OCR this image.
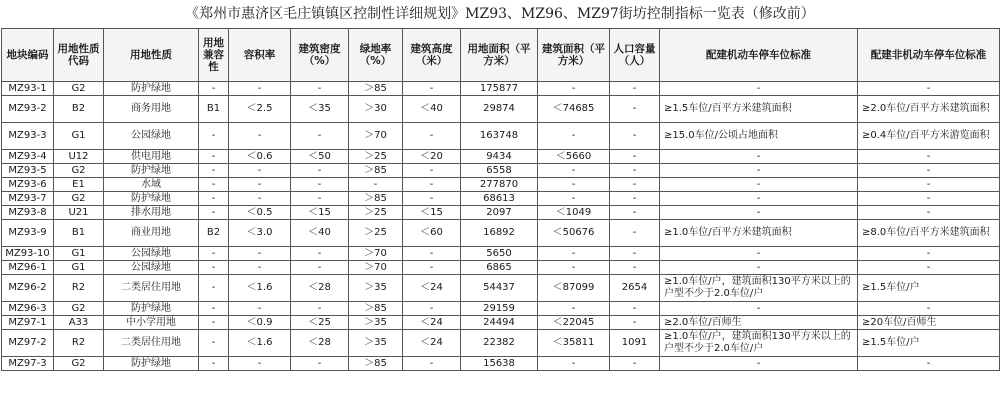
《郑州市惠济区毛庄镇镇区控制性详细规划》MZ93、MZ96、MZ97街坊控制指标一览表（修改前）
地块编码	用地性质代码	用地性质	用地兼容性	容积率	建筑密度（%）	绿地率（%）	建筑高度（米）	用地面积（平方米）	建筑面积（平方米）	人口容量（人）	配建机动车停车位标准	配建非机动车停车位标准
MZ93-1	G2	防护绿地	-	-	-	＞85	-	175877	-	-	-	-
MZ93-2	B2	商务用地	B1	＜2.5	＜35	＞30	＜40	29874	＜74685	-	≥1.5车位/百平方米建筑面积	≥2.0车位/百平方米建筑面积
MZ93-3	G1	公园绿地	-	-	-	＞70	-	163748	-	-	≥15.0车位/公顷占地面积	≥0.4车位/百平方米游览面积
MZ93-4	U12	供电用地	-	＜0.6	＜50	＞25	＜20	9434	＜5660	-	-	-
MZ93-5	G2	防护绿地	-	-	-	＞85	-	6558	-	-	-	-
MZ93-6	E1	水域	-	-	-	-	-	277870	-	-	-	-
MZ93-7	G2	防护绿地	-	-	-	＞85	-	68613	-	-	-	-
MZ93-8	U21	排水用地	-	＜0.5	＜15	＞25	＜15	2097	＜1049	-	-	-
MZ93-9	B1	商业用地	B2	＜3.0	＜40	＞25	＜60	16892	＜50676	-	≥1.0车位/百平方米建筑面积	≥8.0车位/百平方米建筑面积
MZ93-10	G1	公园绿地	-	-	-	＞70	-	5650	-	-	-	-
MZ96-1	G1	公园绿地	-	-	-	＞70	-	6865	-	-	-	-
MZ96-2	R2	二类居住用地	-	＜1.6	＜28	＞35	＜24	54437	＜87099	2654	≥1.0车位/户，建筑面积130平方米以上的户型不少于2.0车位/户	≥1.5车位/户
MZ96-3	G2	防护绿地	-	-	-	＞85	-	29159	-	-	-	-
MZ97-1	A33	中小学用地	-	＜0.9	＜25	＞35	＜24	24494	＜22045	-	≥2.0车位/百师生	≥20车位/百师生
MZ97-2	R2	二类居住用地	-	＜1.6	＜28	＞35	＜24	22382	＜35811	1091	≥1.0车位/户，建筑面积130平方米以上的户型不少于2.0车位/户	≥1.5车位/户
MZ97-3	G2	防护绿地	-	-	-	＞85	-	15638	-	-	-	-
